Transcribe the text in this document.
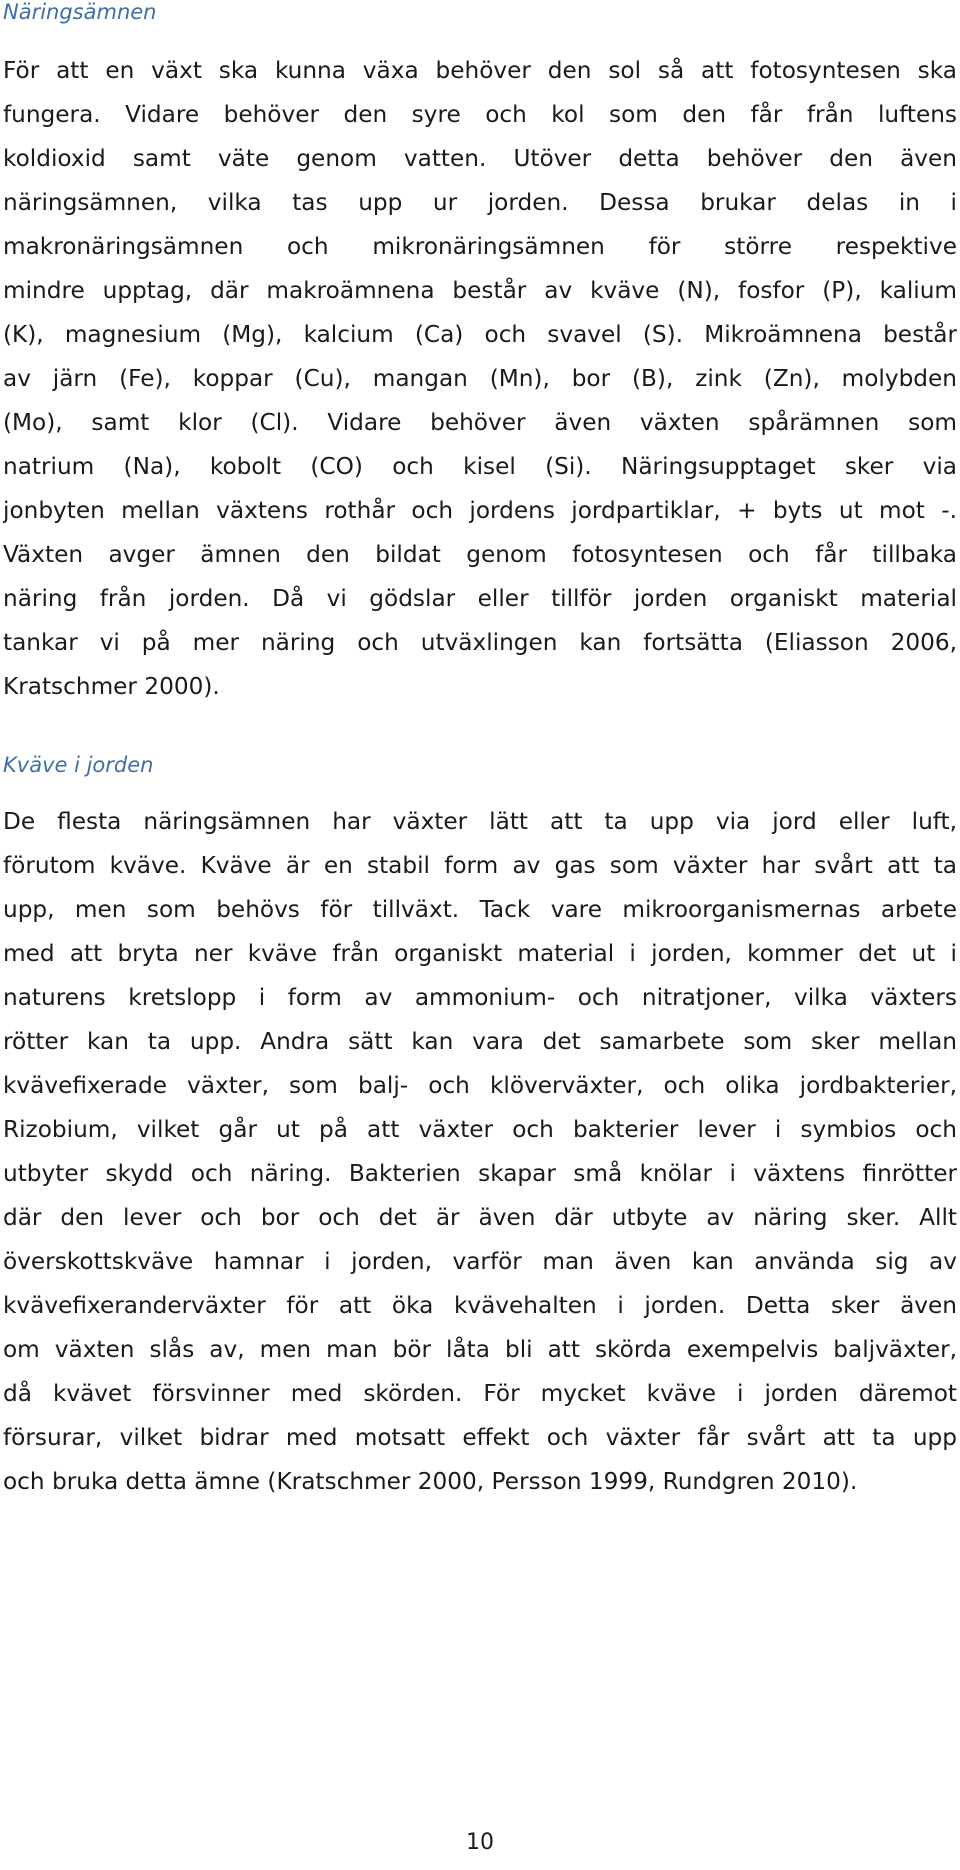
Näringsämnen
För att en växt ska kunna växa behöver den sol så att fotosyntesen ska
fungera. Vidare behöver den syre och kol som den får från luftens
koldioxid samt väte genom vatten. Utöver detta behöver den även
näringsämnen, vilka tas upp ur jorden. Dessa brukar delas in i
makronäringsämnen och mikronäringsämnen för större respektive
mindre upptag, där makroämnena består av kväve (N), fosfor (P), kalium
(K), magnesium (Mg), kalcium (Ca) och svavel (S). Mikroämnena består
av järn (Fe), koppar (Cu), mangan (Mn), bor (B), zink (Zn), molybden
(Mo), samt klor (Cl). Vidare behöver även växten spårämnen som
natrium (Na), kobolt (CO) och kisel (Si). Näringsupptaget sker via
jonbyten mellan växtens rothår och jordens jordpartiklar, + byts ut mot -.
Växten avger ämnen den bildat genom fotosyntesen och får tillbaka
näring från jorden. Då vi gödslar eller tillför jorden organiskt material
tankar vi på mer näring och utväxlingen kan fortsätta (Eliasson 2006,
Kratschmer 2000).
Kväve i jorden
De flesta näringsämnen har växter lätt att ta upp via jord eller luft,
förutom kväve. Kväve är en stabil form av gas som växter har svårt att ta
upp, men som behövs för tillväxt. Tack vare mikroorganismernas arbete
med att bryta ner kväve från organiskt material i jorden, kommer det ut i
naturens kretslopp i form av ammonium- och nitratjoner, vilka växters
rötter kan ta upp. Andra sätt kan vara det samarbete som sker mellan
kvävefixerade växter, som balj- och klöverväxter, och olika jordbakterier,
Rizobium, vilket går ut på att växter och bakterier lever i symbios och
utbyter skydd och näring. Bakterien skapar små knölar i växtens finrötter
där den lever och bor och det är även där utbyte av näring sker. Allt
överskottskväve hamnar i jorden, varför man även kan använda sig av
kvävefixeranderväxter för att öka kvävehalten i jorden. Detta sker även
om växten slås av, men man bör låta bli att skörda exempelvis baljväxter,
då kvävet försvinner med skörden. För mycket kväve i jorden däremot
försurar, vilket bidrar med motsatt effekt och växter får svårt att ta upp
och bruka detta ämne (Kratschmer 2000, Persson 1999, Rundgren 2010).
10
